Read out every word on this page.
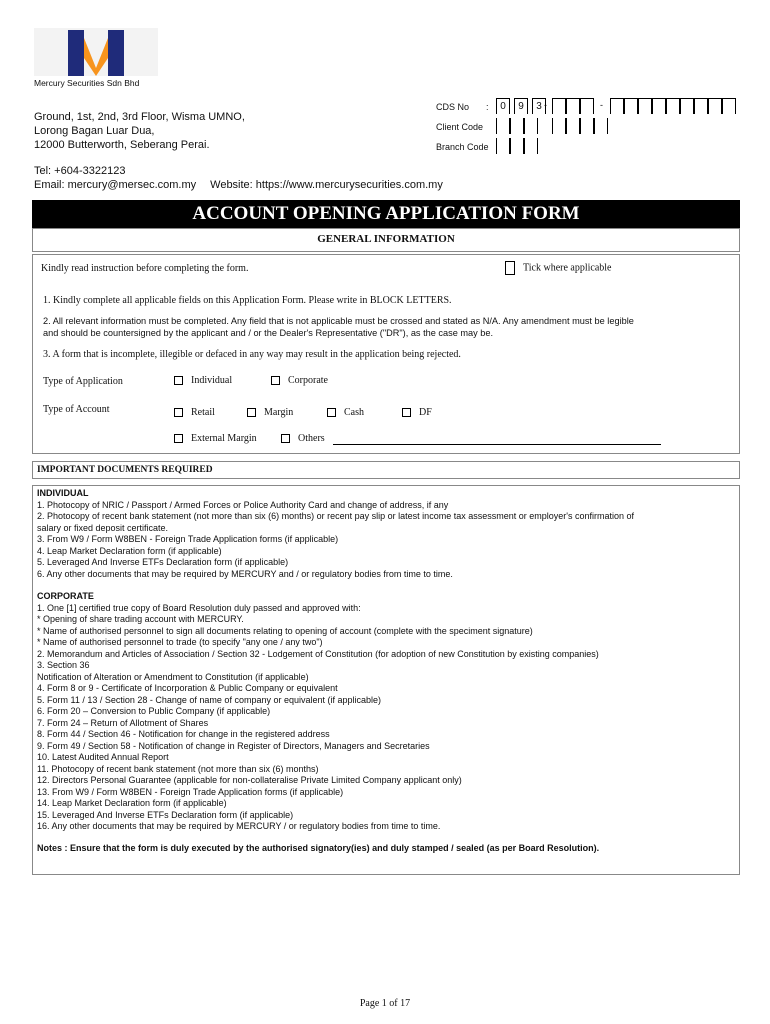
Mercury Securities Sdn Bhd
Ground, 1st, 2nd, 3rd Floor, Wisma UMNO,
Lorong Bagan Luar Dua,
12000 Butterworth, Seberang Perai.
Tel: +604-3322123
Email: mercury@mersec.com.my Website: https://www.mercurysecurities.com.my
CDS No :	0	9	3 -	-
Client Code
Branch Code
ACCOUNT OPENING APPLICATION FORM
GENERAL INFORMATION
Kindly read instruction before completing the form.	Tick where applicable
1. Kindly complete all applicable fields on this Application Form. Please write in BLOCK LETTERS.
2. All relevant information must be completed. Any field that is not applicable must be crossed and stated as N/A. Any amendment must be legible
and should be countersigned by the applicant and / or the Dealer's Representative ("DR"), as the case may be.
3. A form that is incomplete, illegible or defaced in any way may result in the application being rejected.
Type of Application	Individual	Corporate
Type of Account	Retail	Margin	Cash	DF
External Margin	Others
IMPORTANT DOCUMENTS REQUIRED
INDIVIDUAL
1. Photocopy of NRIC / Passport / Armed Forces or Police Authority Card and change of address, if any
2. Photocopy of recent bank statement (not more than six (6) months) or recent pay slip or latest income tax assessment or employer's confirmation of
salary or fixed deposit certificate.
3. From W9 / Form W8BEN - Foreign Trade Application forms (if applicable)
4. Leap Market Declaration form (if applicable)
5. Leveraged And Inverse ETFs Declaration form (if applicable)
6. Any other documents that may be required by MERCURY and / or regulatory bodies from time to time.
CORPORATE
1. One [1] certified true copy of Board Resolution duly passed and approved with:
* Opening of share trading account with MERCURY.
* Name of authorised personnel to sign all documents relating to opening of account (complete with the speciment signature)
* Name of authorised personnel to trade (to specify "any one / any two")
2. Memorandum and Articles of Association / Section 32 - Lodgement of Constitution (for adoption of new Constitution by existing companies)
3. Section 36
Notification of Alteration or Amendment to Constitution (if applicable)
4. Form 8 or 9 - Certificate of Incorporation & Public Company or equivalent
5. Form 11 / 13 / Section 28 - Change of name of company or equivalent (if applicable)
6. Form 20 – Conversion to Public Company (if applicable)
7. Form 24 – Return of Allotment of Shares
8. Form 44 / Section 46 - Notification for change in the registered address
9. Form 49 / Section 58 - Notification of change in Register of Directors, Managers and Secretaries
10. Latest Audited Annual Report
11. Photocopy of recent bank statement (not more than six (6) months)
12. Directors Personal Guarantee (applicable for non-collateralise Private Limited Company applicant only)
13. From W9 / Form W8BEN - Foreign Trade Application forms (if applicable)
14. Leap Market Declaration form (if applicable)
15. Leveraged And Inverse ETFs Declaration form (if applicable)
16. Any other documents that may be required by MERCURY / or regulatory bodies from time to time.
Notes : Ensure that the form is duly executed by the authorised signatory(ies) and duly stamped / sealed (as per Board Resolution).
Page 1 of 17
